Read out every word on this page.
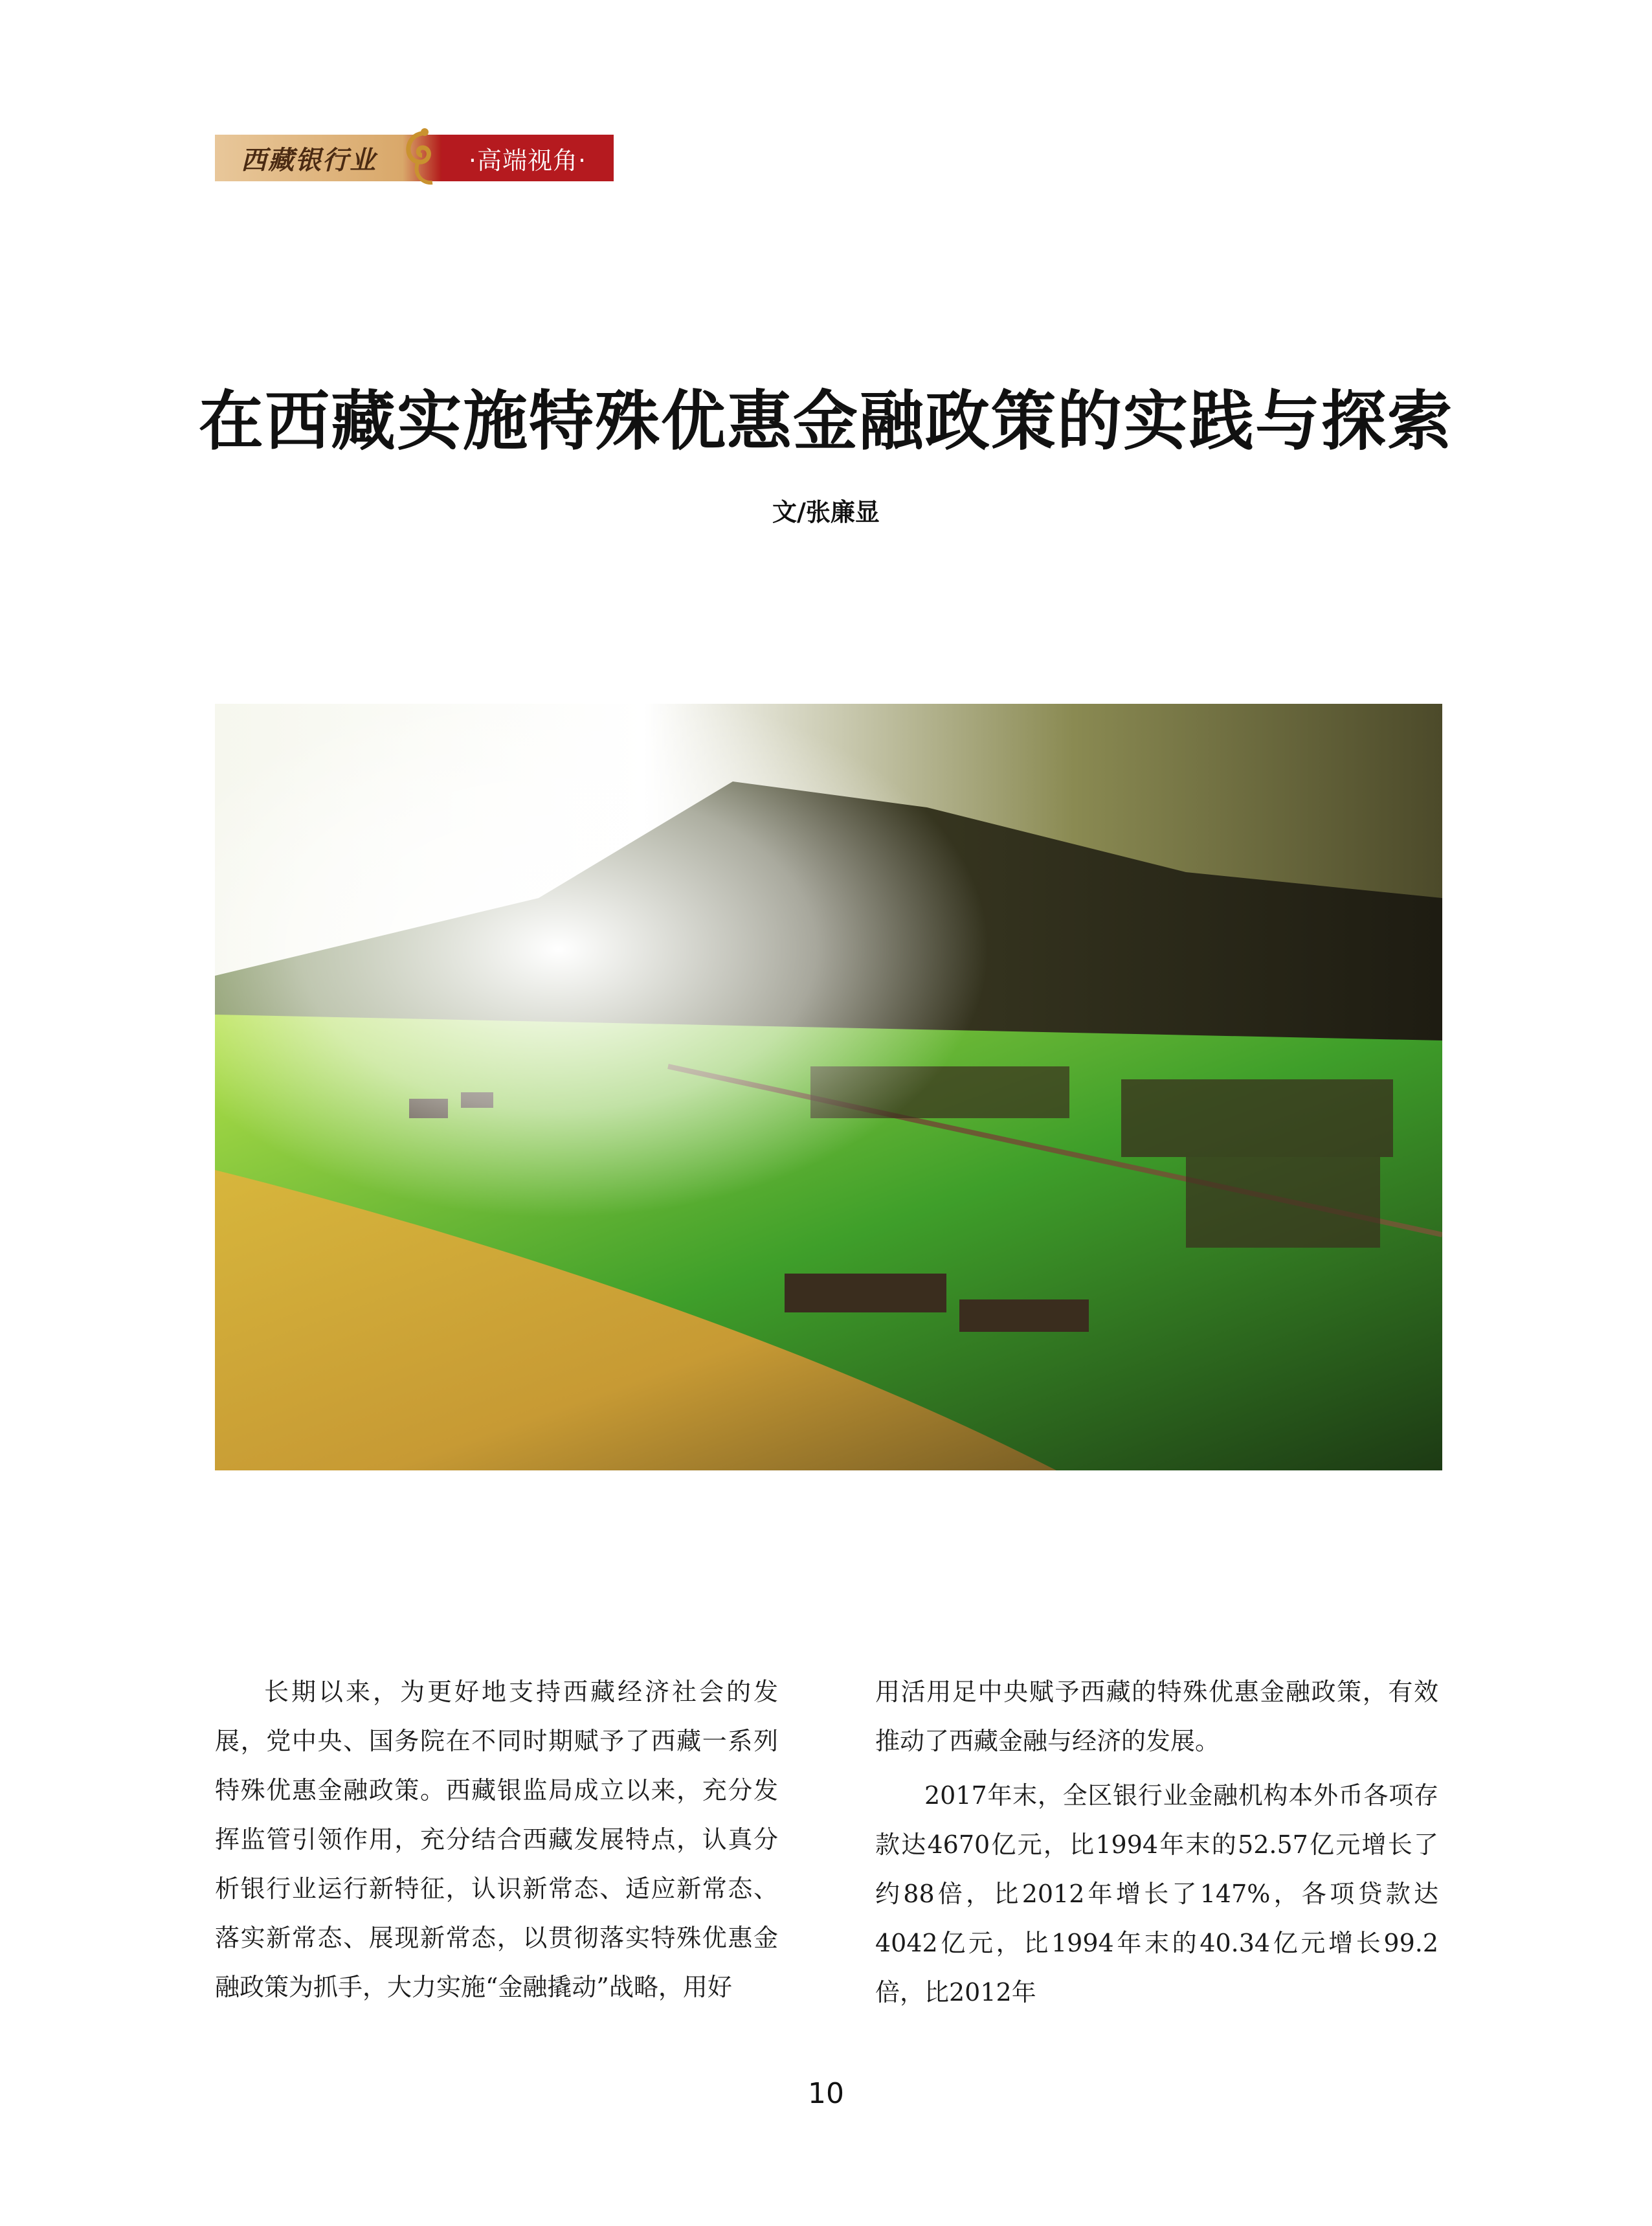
西藏银行业	·高端视角·
在西藏实施特殊优惠金融政策的实践与探索
文/张廉显

长期以来，为更好地支持西藏经济社会的发展，党中央、国务院在不同时期赋予了西藏一系列特殊优惠金融政策。西藏银监局成立以来，充分发挥监管引领作用，充分结合西藏发展特点，认真分析银行业运行新特征，认识新常态、适应新常态、落实新常态、展现新常态，以贯彻落实特殊优惠金融政策为抓手，大力实施“金融撬动”战略，用好

用活用足中央赋予西藏的特殊优惠金融政策，有效推动了西藏金融与经济的发展。

2017年末，全区银行业金融机构本外币各项存款达4670亿元，比1994年末的52.57亿元增长了约88倍，比2012年增长了147%，各项贷款达4042亿元，比1994年末的40.34亿元增长99.2倍，比2012年

10
